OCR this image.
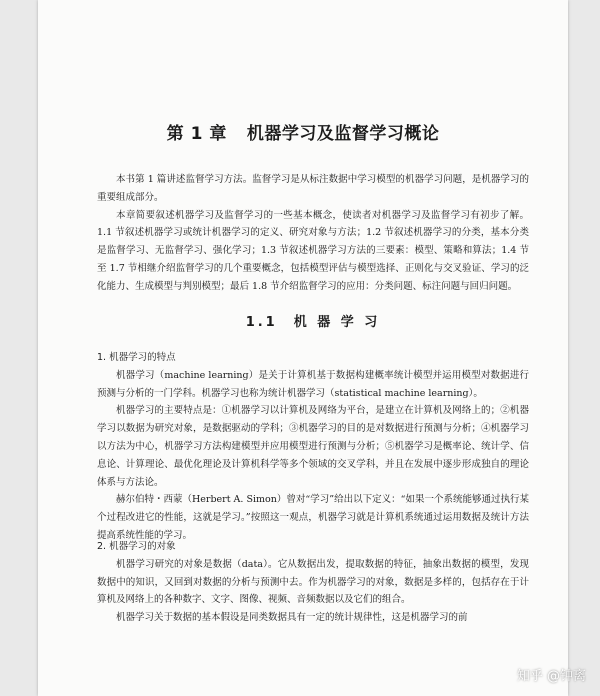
第 1 章 机器学习及监督学习概论

本书第 1 篇讲述监督学习方法。监督学习是从标注数据中学习模型的机器学习问题，是机器学习的重要组成部分。

本章简要叙述机器学习及监督学习的一些基本概念，使读者对机器学习及监督学习有初步了解。1.1 节叙述机器学习或统计机器学习的定义、研究对象与方法；1.2 节叙述机器学习的分类，基本分类是监督学习、无监督学习、强化学习；1.3 节叙述机器学习方法的三要素：模型、策略和算法；1.4 节至 1.7 节相继介绍监督学习的几个重要概念，包括模型评估与模型选择、正则化与交叉验证、学习的泛化能力、生成模型与判别模型；最后 1.8 节介绍监督学习的应用：分类问题、标注问题与回归问题。

1.1　机 器 学 习

1. 机器学习的特点

机器学习（machine learning）是关于计算机基于数据构建概率统计模型并运用模型对数据进行预测与分析的一门学科。机器学习也称为统计机器学习（statistical machine learning）。

机器学习的主要特点是：①机器学习以计算机及网络为平台，是建立在计算机及网络上的；②机器学习以数据为研究对象，是数据驱动的学科；③机器学习的目的是对数据进行预测与分析；④机器学习以方法为中心，机器学习方法构建模型并应用模型进行预测与分析；⑤机器学习是概率论、统计学、信息论、计算理论、最优化理论及计算机科学等多个领域的交叉学科，并且在发展中逐步形成独自的理论体系与方法论。

赫尔伯特・西蒙（Herbert A. Simon）曾对“学习”给出以下定义：“如果一个系统能够通过执行某个过程改进它的性能，这就是学习。”按照这一观点，机器学习就是计算机系统通过运用数据及统计方法提高系统性能的学习。

2. 机器学习的对象

机器学习研究的对象是数据（data）。它从数据出发，提取数据的特征，抽象出数据的模型，发现数据中的知识，又回到对数据的分析与预测中去。作为机器学习的对象，数据是多样的，包括存在于计算机及网络上的各种数字、文字、图像、视频、音频数据以及它们的组合。

机器学习关于数据的基本假设是同类数据具有一定的统计规律性，这是机器学习的前

知乎 @钟离
